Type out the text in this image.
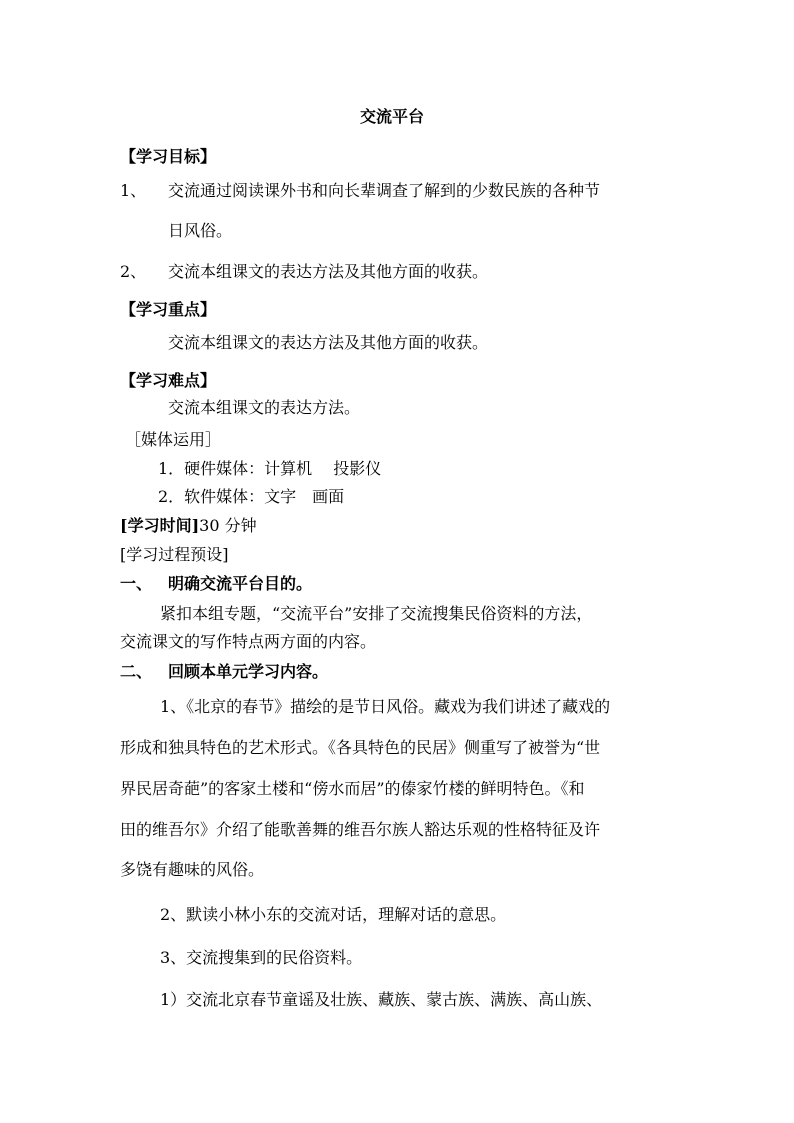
交流平台
【学习目标】
1、 交流通过阅读课外书和向长辈调查了解到的少数民族的各种节
日风俗。
2、 交流本组课文的表达方法及其他方面的收获。
【学习重点】
交流本组课文的表达方法及其他方面的收获。
【学习难点】
交流本组课文的表达方法。
［媒体运用］
1．硬件媒体：计算机　 投影仪
2．软件媒体：文字　画面
[学习时间]30 分钟
[学习过程预设]
一、 明确交流平台目的。
紧扣本组专题，“交流平台”安排了交流搜集民俗资料的方法，
交流课文的写作特点两方面的内容。
二、 回顾本单元学习内容。
1、《北京的春节》描绘的是节日风俗。藏戏为我们讲述了藏戏的
形成和独具特色的艺术形式。《各具特色的民居》侧重写了被誉为“世
界民居奇葩”的客家土楼和“傍水而居”的傣家竹楼的鲜明特色。《和
田的维吾尔》介绍了能歌善舞的维吾尔族人豁达乐观的性格特征及许
多饶有趣味的风俗。
2、默读小林小东的交流对话，理解对话的意思。
3、交流搜集到的民俗资料。
1）交流北京春节童谣及壮族、藏族、蒙古族、满族、高山族、
